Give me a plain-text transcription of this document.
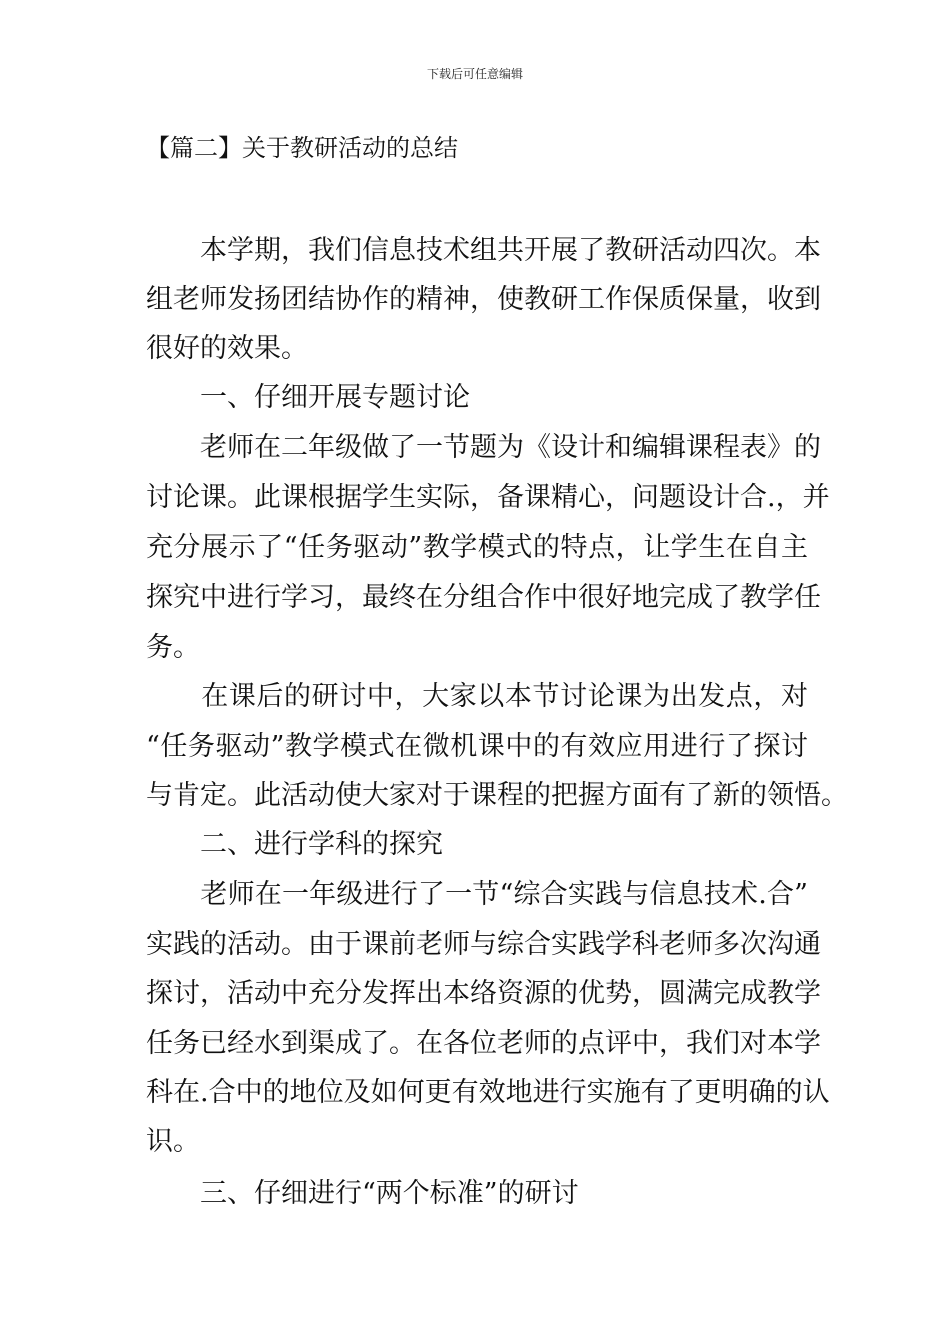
下载后可任意编辑
【篇二】关于教研活动的总结
　　本学期，我们信息技术组共开展了教研活动四次。本
组老师发扬团结协作的精神，使教研工作保质保量，收到
很好的效果。
　　一、仔细开展专题讨论
　　老师在二年级做了一节题为《设计和编辑课程表》的
讨论课。此课根据学生实际，备课精心，问题设计合.，并
充分展示了“任务驱动”教学模式的特点，让学生在自主
探究中进行学习，最终在分组合作中很好地完成了教学任
务。
　　在课后的研讨中，大家以本节讨论课为出发点，对
“任务驱动”教学模式在微机课中的有效应用进行了探讨
与肯定。此活动使大家对于课程的把握方面有了新的领悟。
　　二、进行学科的探究
　　老师在一年级进行了一节“综合实践与信息技术.合”
实践的活动。由于课前老师与综合实践学科老师多次沟通
探讨，活动中充分发挥出本络资源的优势，圆满完成教学
任务已经水到渠成了。在各位老师的点评中，我们对本学
科在.合中的地位及如何更有效地进行实施有了更明确的认
识。
　　三、仔细进行“两个标准”的研讨
